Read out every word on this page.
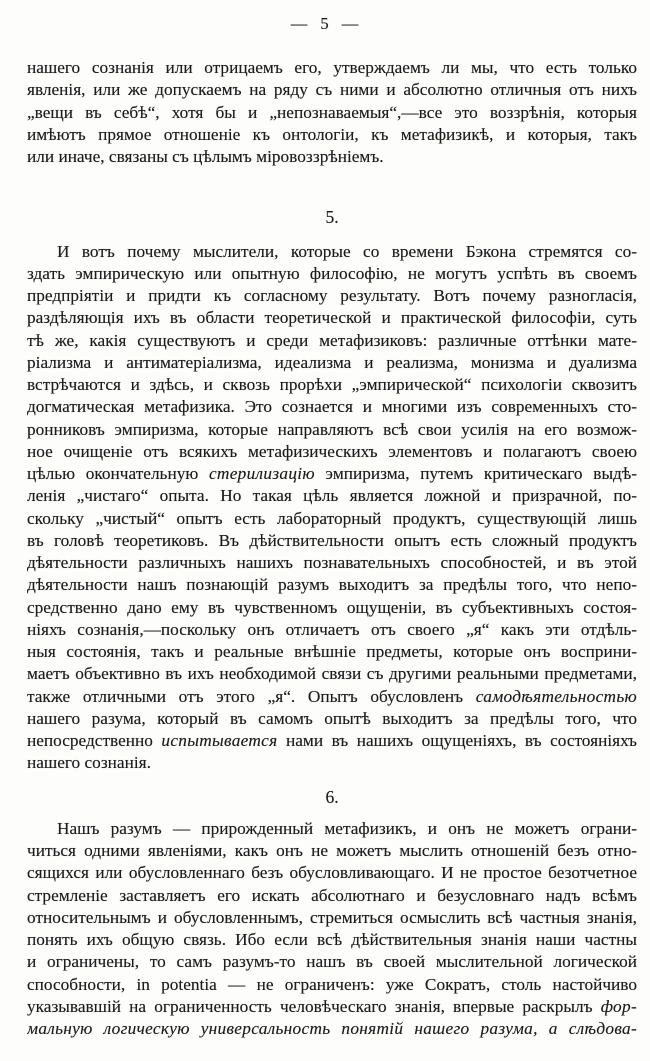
— 5 —
нашего сознанія или отрицаемъ его, утверждаемъ ли мы, что есть только
явленія, или же допускаемъ на ряду съ ними и абсолютно отличныя отъ нихъ
„вещи въ себѣ“, хотя бы и „непознаваемыя“,—все это воззрѣнія, которыя
имѣютъ прямое отношеніе къ онтологіи, къ метафизикѣ, и которыя, такъ
или иначе, связаны съ цѣлымъ міровоззрѣніемъ.
5.
И вотъ почему мыслители, которые со времени Бэкона стремятся со-
здать эмпирическую или опытную философію, не могутъ успѣть въ своемъ
предпріятіи и придти къ согласному результату. Вотъ почему разногласія,
раздѣляющія ихъ въ области теоретической и практической философіи, суть
тѣ же, какія существуютъ и среди метафизиковъ: различные оттѣнки мате-
ріализма и антиматеріализма, идеализма и реализма, монизма и дуализма
встрѣчаются и здѣсь, и сквозь прорѣхи „эмпирической“ психологіи сквозитъ
догматическая метафизика. Это сознается и многими изъ современныхъ сто-
ронниковъ эмпиризма, которые направляютъ всѣ свои усилія на его возмож-
ное очищеніе отъ всякихъ метафизическихъ элементовъ и полагаютъ своею
цѣлью окончательную стерилизацію эмпиризма, путемъ критическаго выдѣ-
ленія „чистаго“ опыта. Но такая цѣль является ложной и призрачной, по-
скольку „чистый“ опытъ есть лабораторный продуктъ, существующій лишь
въ головѣ теоретиковъ. Въ дѣйствительности опытъ есть сложный продуктъ
дѣятельности различныхъ нашихъ познавательныхъ способностей, и въ этой
дѣятельности нашъ познающій разумъ выходитъ за предѣлы того, что непо-
средственно дано ему въ чувственномъ ощущеніи, въ субъективныхъ состоя-
ніяхъ сознанія,—поскольку онъ отличаетъ отъ своего „я“ какъ эти отдѣль-
ныя состоянія, такъ и реальные внѣшніе предметы, которые онъ восприни-
маетъ объективно въ ихъ необходимой связи съ другими реальными предметами,
также отличными отъ этого „я“. Опытъ обусловленъ самодѣятельностью
нашего разума, который въ самомъ опытѣ выходитъ за предѣлы того, что
непосредственно испытывается нами въ нашихъ ощущеніяхъ, въ состояніяхъ
нашего сознанія.
6.
Нашъ разумъ — прирожденный метафизикъ, и онъ не можетъ ограни-
читься одними явленіями, какъ онъ не можетъ мыслить отношеній безъ отно-
сящихся или обусловленнаго безъ обусловливающаго. И не простое безотчетное
стремленіе заставляетъ его искать абсолютнаго и безусловнаго надъ всѣмъ
относительнымъ и обусловленнымъ, стремиться осмыслить всѣ частныя знанія,
понять ихъ общую связь. Ибо если всѣ дѣйствительныя знанія наши частны
и ограничены, то самъ разумъ-то нашъ въ своей мыслительной логической
способности, in potentia — не ограниченъ: уже Сократъ, столь настойчиво
указывавшій на ограниченность человѣческаго знанія, впервые раскрылъ фор-
мальную логическую универсальность понятій нашего разума, а слѣдова-
